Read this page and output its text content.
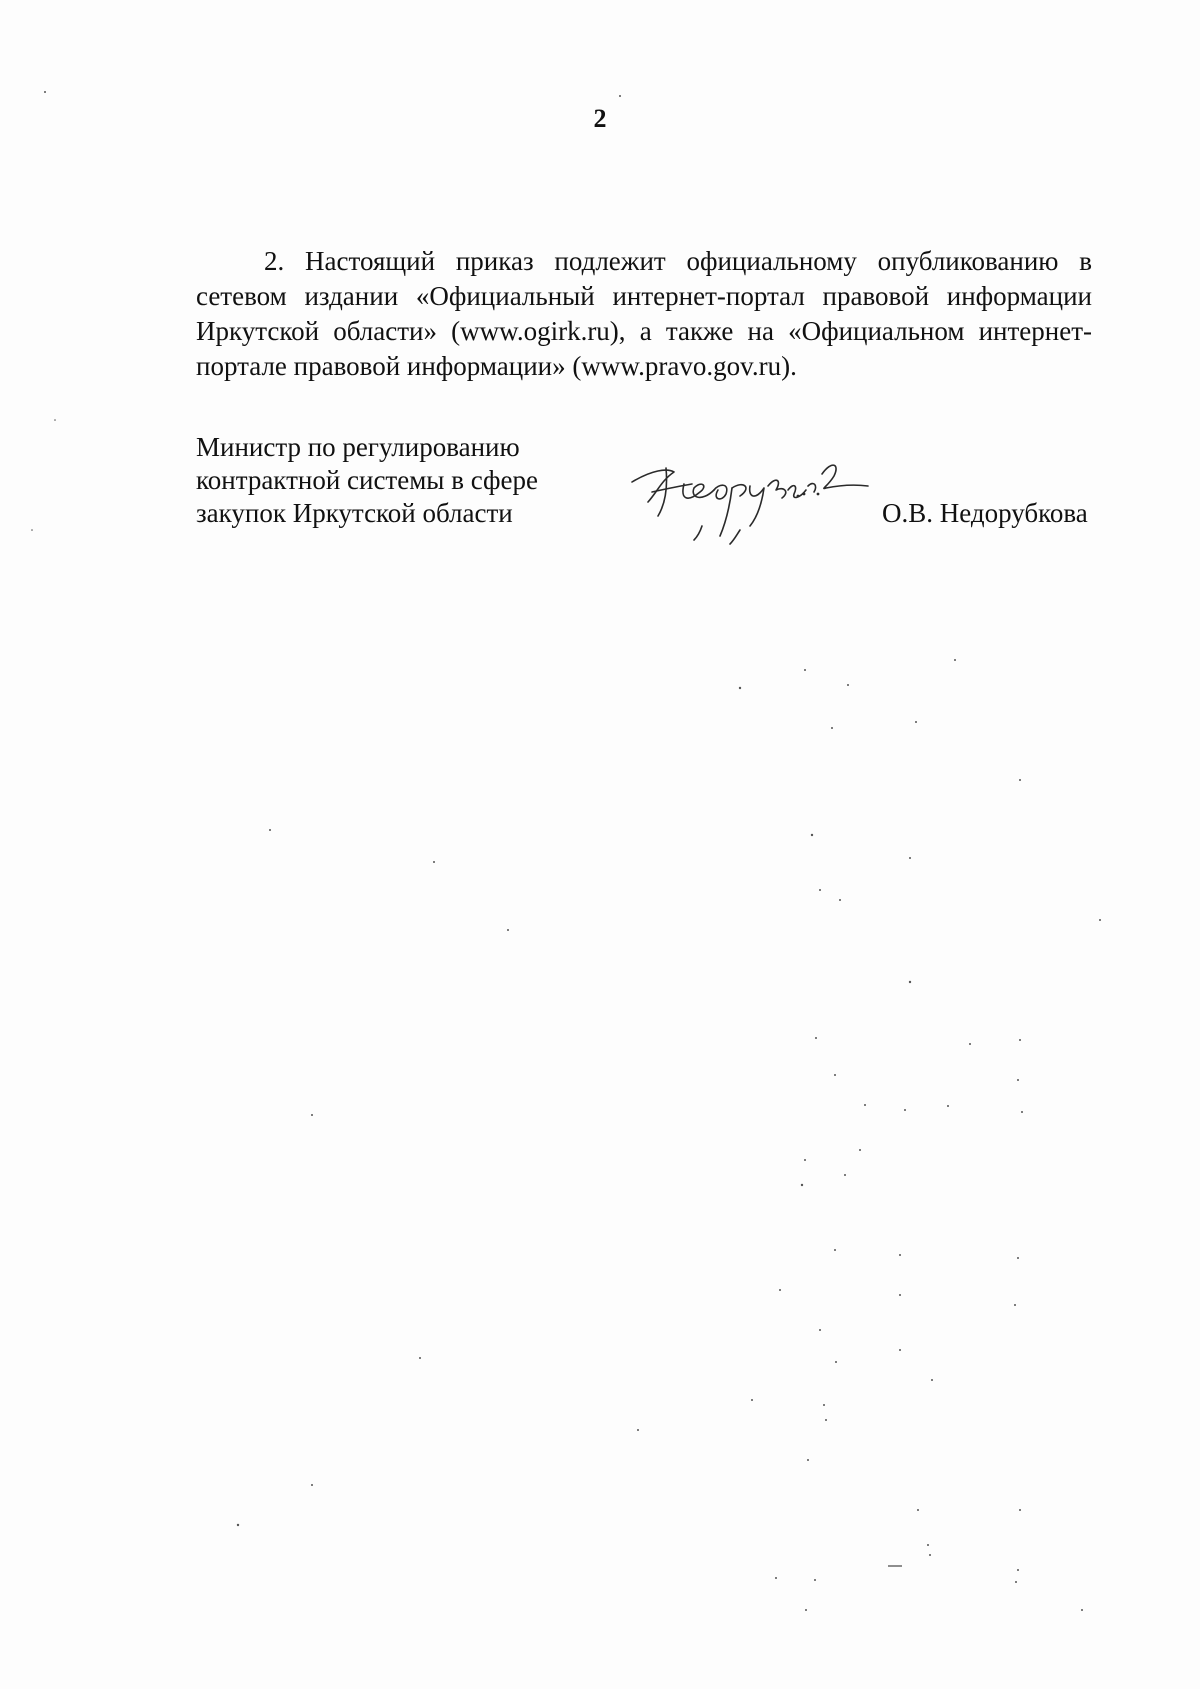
2

2. Настоящий приказ подлежит официальному опубликованию в сетевом издании «Официальный интернет-портал правовой информации Иркутской области» (www.ogirk.ru), а также на «Официальном интернет-портале правовой информации» (www.pravo.gov.ru).

Министр по регулированию
контрактной системы в сфере
закупок Иркутской области	О.В. Недорубкова
